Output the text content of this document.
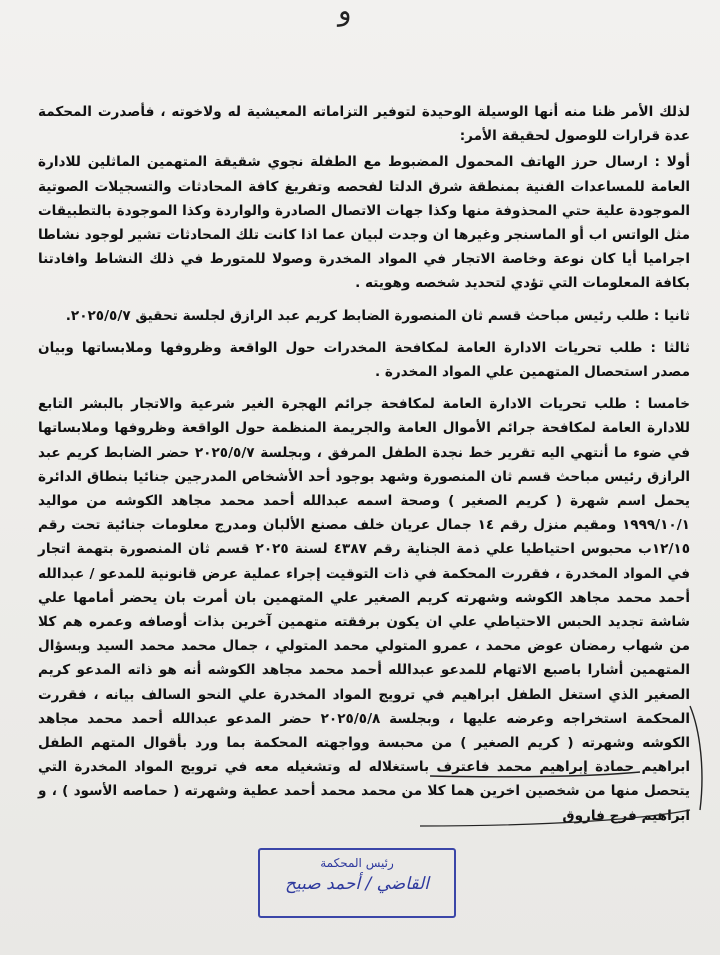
و

لذلك الأمر ظنا منه أنها الوسيلة الوحيدة لتوفير التزاماته المعيشية له ولاخوته ، فأصدرت المحكمة عدة قرارات للوصول لحقيقة الأمر:

أولا : ارسال حرز الهاتف المحمول المضبوط مع الطفلة نجوي شقيقة المتهمين الماثلين للادارة العامة للمساعدات الفنية بمنطقة شرق الدلتا لفحصه وتفريغ كافة المحادثات والتسجيلات الصوتية الموجودة علية حتي المحذوفة منها وكذا جهات الاتصال الصادرة والواردة وكذا الموجودة بالتطبيقات مثل الواتس اب أو الماسنجر وغيرها ان وجدت لبيان عما اذا كانت تلك المحادثات تشير لوجود نشاطا اجراميا أيا كان نوعة وخاصة الاتجار في المواد المخدرة وصولا للمتورط في ذلك النشاط وافادتنا بكافة المعلومات التي تؤدي لتحديد شخصه وهويته .

ثانيا : طلب رئيس مباحث قسم ثان المنصورة الضابط كريم عبد الرازق لجلسة تحقيق ٢٠٢٥/٥/٧.

ثالثا : طلب تحريات الادارة العامة لمكافحة المخدرات حول الواقعة وظروفها وملابساتها وبيان مصدر استحصال المتهمين علي المواد المخدرة .

خامسا : طلب تحريات الادارة العامة لمكافحة جرائم الهجرة الغير شرعية والاتجار بالبشر التابع للادارة العامة لمكافحة جرائم الأموال العامة والجريمة المنظمة حول الواقعة وظروفها وملابساتها في ضوء ما أنتهي اليه تقرير خط نجدة الطفل المرفق ، وبجلسة ٢٠٢٥/٥/٧ حضر الضابط كريم عبد الرازق رئيس مباحث قسم ثان المنصورة وشهد بوجود أحد الأشخاص المدرجين جنائيا بنطاق الدائرة يحمل اسم شهرة ( كريم الصغير ) وصحة اسمه عبدالله أحمد محمد مجاهد الكوشه من مواليد ١٩٩٩/١٠/١ ومقيم منزل رقم ١٤ جمال عريان خلف مصنع الألبان ومدرج معلومات جنائية تحت رقم ١٢/١٥ب محبوس احتياطيا علي ذمة الجناية رقم ٤٣٨٧ لسنة ٢٠٢٥ قسم ثان المنصورة بتهمة اتجار في المواد المخدرة ، فقررت المحكمة في ذات التوقيت إجراء عملية عرض قانونية للمدعو / عبدالله أحمد محمد مجاهد الكوشه وشهرته كريم الصغير علي المتهمين بان أمرت بان يحضر أمامها علي شاشة تجديد الحبس الاحتياطي علي ان يكون برفقته متهمين آخرين بذات أوصافه وعمره هم كلا من شهاب رمضان عوض محمد ، عمرو المتولي محمد المتولي ، جمال محمد محمد السيد وبسؤال المتهمين أشارا باصبع الاتهام للمدعو عبدالله أحمد محمد مجاهد الكوشه أنه هو ذاته المدعو كريم الصغير الذي استغل الطفل ابراهيم في ترويج المواد المخدرة علي النحو السالف بيانه ، فقررت المحكمة استخراجه وعرضه عليها ، وبجلسة ٢٠٢٥/٥/٨ حضر المدعو عبدالله أحمد محمد مجاهد الكوشه وشهرته ( كريم الصغير ) من محبسة وواجهته المحكمة بما ورد بأقوال المتهم الطفل ابراهيم حمادة إبراهيم محمد فاعترف باستغلاله له وتشغيله معه في ترويج المواد المخدرة التي يتحصل منها من شخصين اخرين هما كلا من محمد محمد أحمد عطية وشهرته ( حماصه الأسود ) ، و ابراهيم فرج فاروق

رئيس المحكمة
القاضي / أحمد صبيح
